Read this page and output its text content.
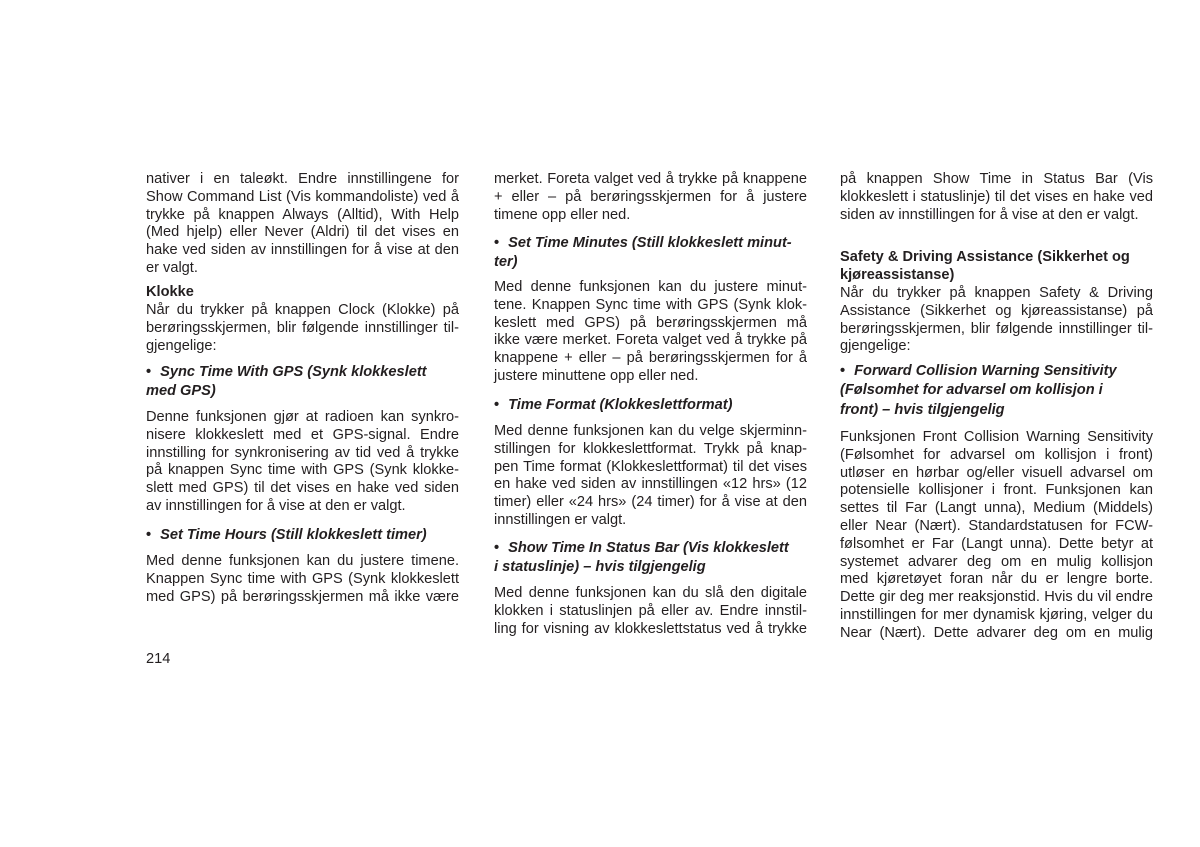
nativer i en taleøkt. Endre innstillingene for
Show Command List (Vis kommandoliste) ved å
trykke på knappen Always (Alltid), With Help
(Med hjelp) eller Never (Aldri) til det vises en
hake ved siden av innstillingen for å vise at den
er valgt.
Klokke
Når du trykker på knappen Clock (Klokke) på
berøringsskjermen, blir følgende innstillinger til-
gjengelige:
• Sync Time With GPS (Synk klokkeslett
med GPS)
Denne funksjonen gjør at radioen kan synkro-
nisere klokkeslett med et GPS-signal. Endre
innstilling for synkronisering av tid ved å trykke
på knappen Sync time with GPS (Synk klokke-
slett med GPS) til det vises en hake ved siden
av innstillingen for å vise at den er valgt.
• Set Time Hours (Still klokkeslett timer)
Med denne funksjonen kan du justere timene.
Knappen Sync time with GPS (Synk klokkeslett
med GPS) på berøringsskjermen må ikke være
merket. Foreta valget ved å trykke på knappene
+ eller – på berøringsskjermen for å justere
timene opp eller ned.
• Set Time Minutes (Still klokkeslett minut-
ter)
Med denne funksjonen kan du justere minut-
tene. Knappen Sync time with GPS (Synk klok-
keslett med GPS) på berøringsskjermen må
ikke være merket. Foreta valget ved å trykke på
knappene + eller – på berøringsskjermen for å
justere minuttene opp eller ned.
• Time Format (Klokkeslettformat)
Med denne funksjonen kan du velge skjerminn-
stillingen for klokkeslettformat. Trykk på knap-
pen Time format (Klokkeslettformat) til det vises
en hake ved siden av innstillingen «12 hrs» (12
timer) eller «24 hrs» (24 timer) for å vise at den
innstillingen er valgt.
• Show Time In Status Bar (Vis klokkeslett
i statuslinje) – hvis tilgjengelig
Med denne funksjonen kan du slå den digitale
klokken i statuslinjen på eller av. Endre innstil-
ling for visning av klokkeslettstatus ved å trykke
på knappen Show Time in Status Bar (Vis
klokkeslett i statuslinje) til det vises en hake ved
siden av innstillingen for å vise at den er valgt.
Safety & Driving Assistance (Sikkerhet og
kjøreassistanse)
Når du trykker på knappen Safety & Driving
Assistance (Sikkerhet og kjøreassistanse) på
berøringsskjermen, blir følgende innstillinger til-
gjengelige:
• Forward Collision Warning Sensitivity
(Følsomhet for advarsel om kollisjon i
front) – hvis tilgjengelig
Funksjonen Front Collision Warning Sensitivity
(Følsomhet for advarsel om kollisjon i front)
utløser en hørbar og/eller visuell advarsel om
potensielle kollisjoner i front. Funksjonen kan
settes til Far (Langt unna), Medium (Middels)
eller Near (Nært). Standardstatusen for FCW-
følsomhet er Far (Langt unna). Dette betyr at
systemet advarer deg om en mulig kollisjon
med kjøretøyet foran når du er lengre borte.
Dette gir deg mer reaksjonstid. Hvis du vil endre
innstillingen for mer dynamisk kjøring, velger du
Near (Nært). Dette advarer deg om en mulig
214
